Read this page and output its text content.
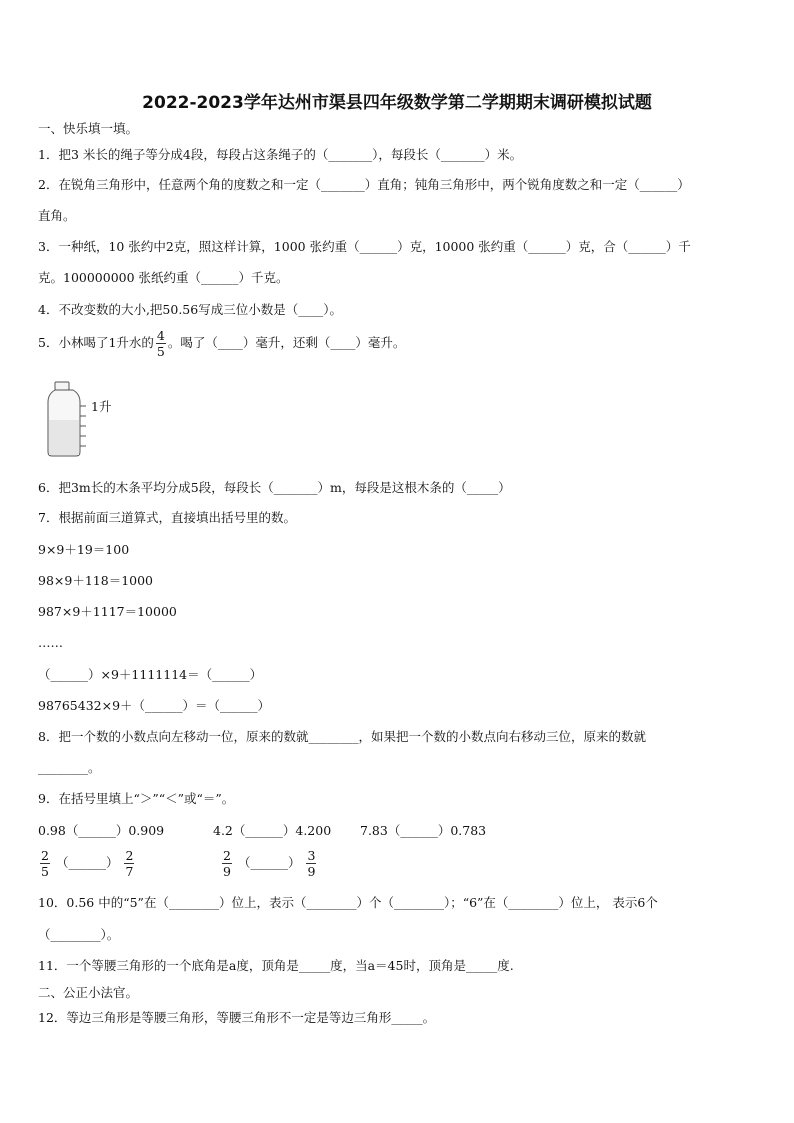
2022-2023学年达州市渠县四年级数学第二学期期末调研模拟试题
一、快乐填一填。
1．把3 米长的绳子等分成4段，每段占这条绳子的（_______），每段长（_______）米。
2．在锐角三角形中，任意两个角的度数之和一定（_______）直角；钝角三角形中，两个锐角度数之和一定（______）
直角。
3．一种纸，10 张约中2克，照这样计算，1000 张约重（______）克，10000 张约重（______）克，合（______）千
克。100000000 张纸约重（______）千克。
4．不改变数的大小,把50.56写成三位小数是（____）。
5．小林喝了1升水的 $\frac{4}{5}$ 。喝了（____）毫升，还剩（____）毫升。
1升
6．把3m长的木条平均分成5段，每段长（_______）m，每段是这根木条的（_____）
7．根据前面三道算式，直接填出括号里的数。
9×9＋19＝100
98×9＋118＝1000
987×9＋1117＝10000
……
（______）×9＋1111114＝（______）
98765432×9＋（______）＝（______）
8．把一个数的小数点向左移动一位，原来的数就________，如果把一个数的小数点向右移动三位，原来的数就
________。
9．在括号里填上“＞”“＜”或“＝”。
0.98（______）0.909	4.2（______）4.200 7.83（______）0.783
$\frac{2}{5}$ （______） $\frac{2}{7}$	$\frac{2}{9}$ （______） $\frac{3}{9}$
10．0.56 中的“5”在（________）位上，表示（________）个（________）；“6”在（________）位上， 表示6个
（________）。
11．一个等腰三角形的一个底角是a度，顶角是_____度，当a＝45时，顶角是_____度.
二、公正小法官。
12．等边三角形是等腰三角形，等腰三角形不一定是等边三角形_____。
